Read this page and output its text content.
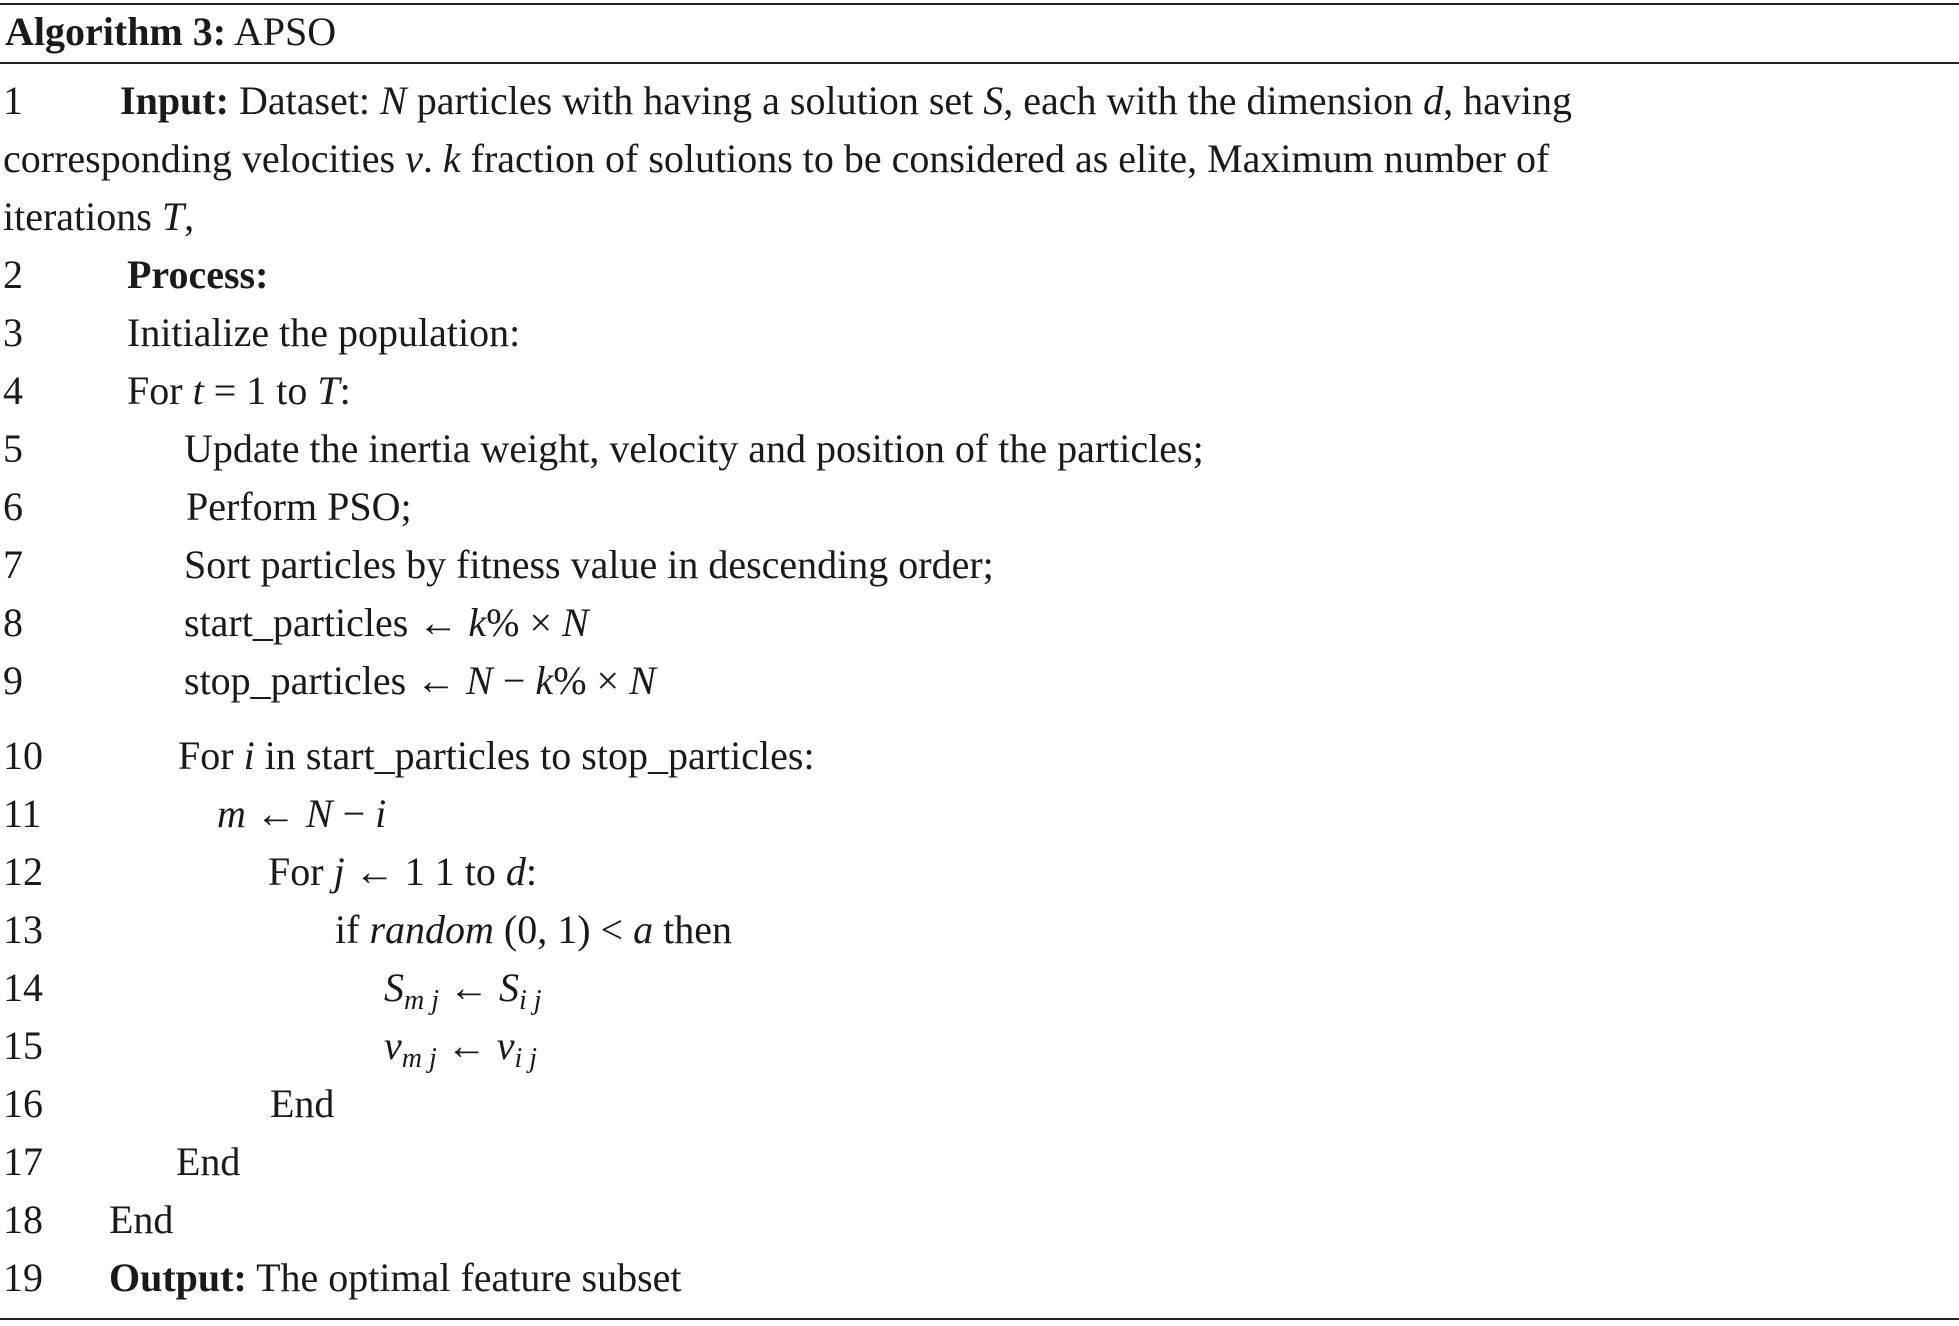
Algorithm 3: APSO
1 Input: Dataset: N particles with having a solution set S, each with the dimension d, having
corresponding velocities v. k fraction of solutions to be considered as elite, Maximum number of
iterations T,
2	Process:
3	Initialize the population:
4	For t = 1 to T:
5	Update the inertia weight, velocity and position of the particles;
6	Perform PSO;
7	Sort particles by fitness value in descending order;
8	start_particles ← k% × N
9	stop_particles ← N − k% × N
10	For i in start_particles to stop_particles:
11	m ← N − i
12	For j ← 1 1 to d:
13	if random (0, 1) < a then
14	$S_{m j}$ ← $S_{i j}$
15	$v_{m j}$ ← $v_{i j}$
16	End
17	End
18 End
19 Output: The optimal feature subset
